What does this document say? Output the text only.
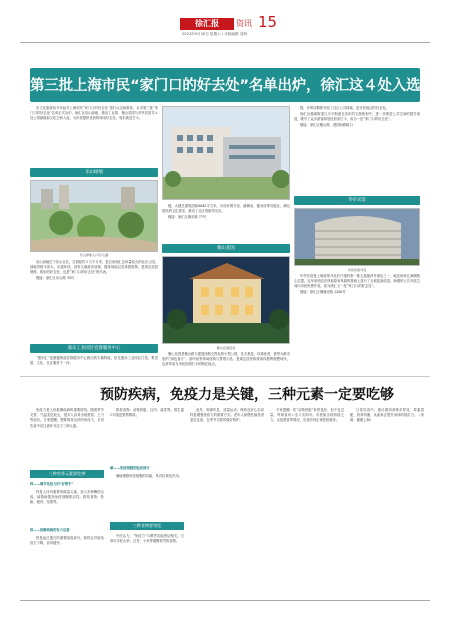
徐汇报	资讯 15
2023年9月30日 星期六 / 本版编辑 刘海
第三批上海市民“家门口的好去处”名单出炉，徐汇这４处入选

市文化旅游局今年起对上海市民“家门口的好去处”进行认定和推荐，本市第三批“家门口的好去处”名单正式出炉。徐汇区乐山绿地、康乐工业园、衡山花园与华亭宾馆共４处公园绿地和文化空间入选，为市民提供优质的休闲好去处，周末就近打卡。

乐山绿地
乐山绿地入口/乐山路

乐山绿地位于乐山社区，总面积约２万平方米，是目前徐汇区体量较大的社区公园。绿地内树木高大，步道环绕，设有儿童游乐设施、健身场地以及休憩座椅，是周边居民晨练、散步的好去处，也是“家门口的好去处”的代表。

链接：徐汇区乐山路 35号

康乐工业园区党群服务中心

“康乐汇”是康健街道党群服务中心推出的专属阵地，依托康乐工业园区打造，集党建、文化、社区服务于一体。

楼，大楼总建筑面积6645平方米，共设有图书室、跳舞室、健身房等功能区，满足居民的文化需求，推动了社区的睦邻友好。

链接：徐汇区康乐路 77号

衡山花园
衡山花园夜景

衡山花园是衡山路与建国西路交界处的小型公园，花木葱茏，环境优美，被誉为都市里的“绿色客厅”。园内设有休闲座椅与景观小品，是周边居民和游客休憩的理想场所，也常常成为市民拍照打卡的网红地点。

园，开埠初期即开放了社区公共绿地，是市民周边的好去处。

徐汇区湖南街道与天平街道在近年的文旅规划中，进一步推进公共空间的提升改造，吸引了众多游客和居民前来打卡，成为一处“家门口的好去处”。

链接：徐汇区衡山路、建国西路路口

华亭宾馆
华亭宾馆外景

华亭宾馆是上海改革开放后兴建的第一批五星级涉外酒店之一，地处徐家汇商圈核心位置。近年来酒店在保留原有风貌的基础上进行了全面更新改造，新增的公共开放空间向市民免费开放，成为徐汇又一处“家门口的好去处”。

链接：徐汇区漕溪北路 1200号

预防疾病，免疫力是关键，三种元素一定要吃够

免疫力是人体抵御疾病的重要防线。随着季节交替，气温变化较大，很多人容易出现感冒、乏力等症状。专家提醒，想要保持良好的免疫力，日常饮食中应注意补充以下三种元素。

三种营养元素要吃够
锌——调节免疫力的“好帮手”

锌是人体内重要的微量元素，参与多种酶的合成，能帮助提高免疫细胞的活性。推荐食物：牡蛎、瘦肉、坚果等。

铁——抵御疾病的有力后盾

铁是血红蛋白的重要组成部分，缺铁会导致免疫力下降，容易疲劳。

推荐食物：动物肝脏、红肉、菠菜等。维生素C可促进铁的吸收。

硒——免疫细胞的组成部分

硒能增强免疫细胞的功能，具有抗氧化作用。

三种食物要常吃

中医认为，“免疫力”与脾胃功能密切相关。日常可多吃山药、红枣、小米等健脾养胃的食物。

此外，规律作息、适量运动、保持良好心态同样是增强免疫力的重要方式。老年人和慢性病患者更应注意，在季节交替时做好防护。

专家提醒：吃“动物肝脏”补铁虽好，但不宜过量。每周食用１至２次即可。市民如出现持续乏力、反复感冒等情况，应及时到正规医院就诊。

日常饮食中，建议做到食物多样化，荤素搭配，营养均衡，从而真正提升身体的抵抗力。（来源：健康上海）
